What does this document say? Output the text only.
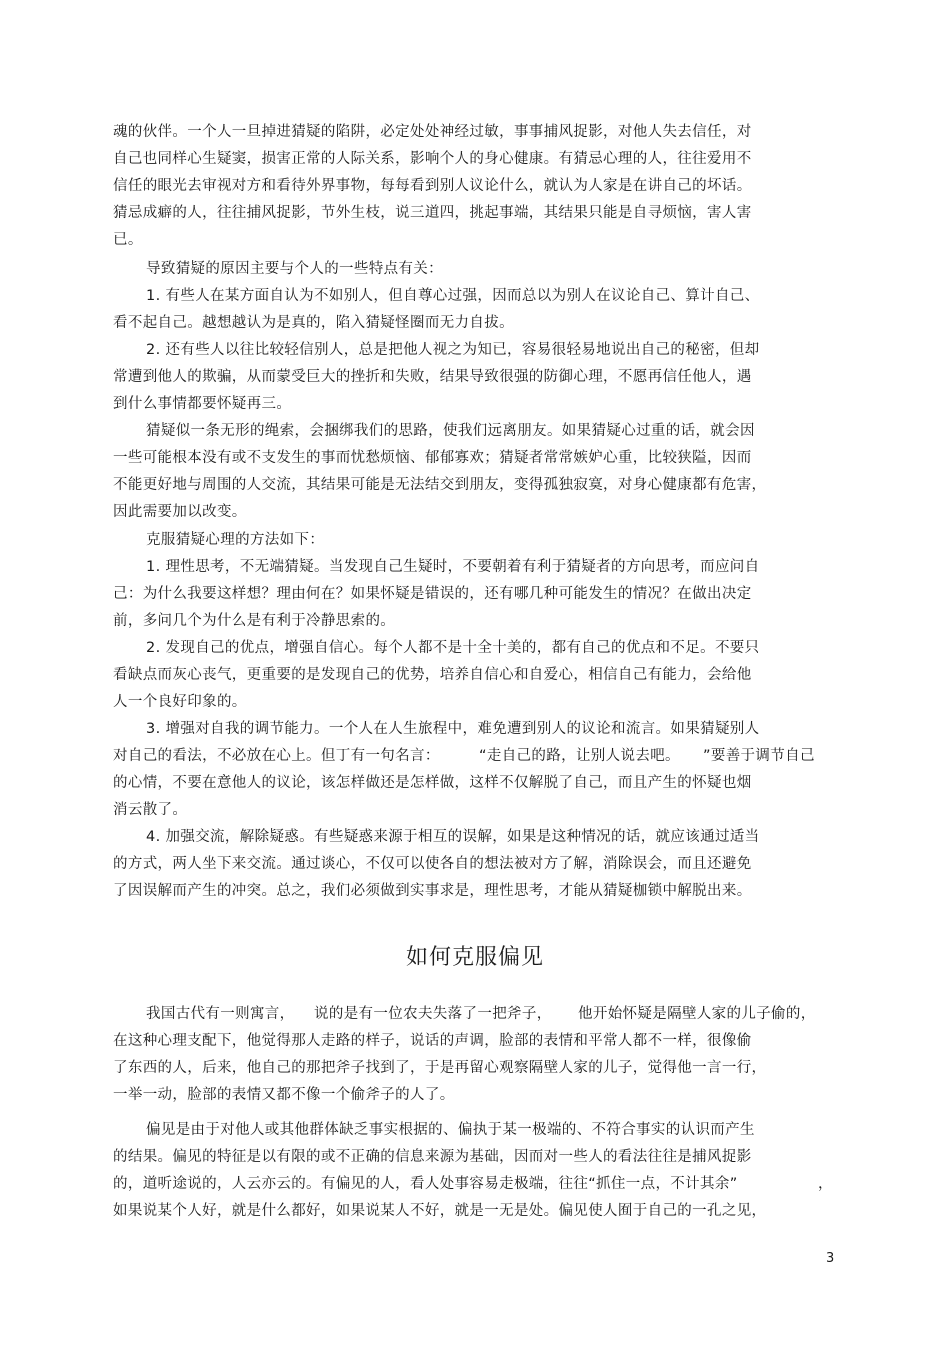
魂的伙伴。一个人一旦掉进猜疑的陷阱，必定处处神经过敏，事事捕风捉影，对他人失去信任，对
自己也同样心生疑窦，损害正常的人际关系，影响个人的身心健康。有猜忌心理的人，往往爱用不
信任的眼光去审视对方和看待外界事物，每每看到别人议论什么，就认为人家是在讲自己的坏话。
猜忌成癖的人，往往捕风捉影，节外生枝，说三道四，挑起事端，其结果只能是自寻烦恼，害人害
已。
导致猜疑的原因主要与个人的一些特点有关：
1. 有些人在某方面自认为不如别人，但自尊心过强，因而总以为别人在议论自己、算计自己、
看不起自己。越想越认为是真的，陷入猜疑怪圈而无力自拔。
2. 还有些人以往比较轻信别人，总是把他人视之为知已，容易很轻易地说出自己的秘密，但却
常遭到他人的欺骗，从而蒙受巨大的挫折和失败，结果导致很强的防御心理，不愿再信任他人，遇
到什么事情都要怀疑再三。
猜疑似一条无形的绳索，会捆绑我们的思路，使我们远离朋友。如果猜疑心过重的话，就会因
一些可能根本没有或不支发生的事而忧愁烦恼、郁郁寡欢；猜疑者常常嫉妒心重，比较狭隘，因而
不能更好地与周围的人交流，其结果可能是无法结交到朋友，变得孤独寂寞，对身心健康都有危害，
因此需要加以改变。
克服猜疑心理的方法如下：
1. 理性思考，不无端猜疑。当发现自己生疑时，不要朝着有利于猜疑者的方向思考，而应问自
己：为什么我要这样想？理由何在？如果怀疑是错误的，还有哪几种可能发生的情况？在做出决定
前，多问几个为什么是有利于冷静思索的。
2. 发现自己的优点，增强自信心。每个人都不是十全十美的，都有自己的优点和不足。不要只
看缺点而灰心丧气，更重要的是发现自己的优势，培养自信心和自爱心，相信自己有能力，会给他
人一个良好印象的。
3. 增强对自我的调节能力。一个人在人生旅程中，难免遭到别人的议论和流言。如果猜疑别人
对自己的看法，不必放在心上。但丁有一句名言：	“走自己的路，让别人说去吧。 ”要善于调节自己
的心情，不要在意他人的议论，该怎样做还是怎样做，这样不仅解脱了自己，而且产生的怀疑也烟
消云散了。
4. 加强交流，解除疑惑。有些疑惑来源于相互的误解，如果是这种情况的话，就应该通过适当
的方式，两人坐下来交流。通过谈心，不仅可以使各自的想法被对方了解，消除误会，而且还避免
了因误解而产生的冲突。总之，我们必须做到实事求是，理性思考，才能从猜疑枷锁中解脱出来。
如何克服偏见
我国古代有一则寓言， 说的是有一位农夫失落了一把斧子， 他开始怀疑是隔壁人家的儿子偷的，
在这种心理支配下，他觉得那人走路的样子，说话的声调，脸部的表情和平常人都不一样，很像偷
了东西的人，后来，他自己的那把斧子找到了，于是再留心观察隔壁人家的儿子，觉得他一言一行，
一举一动，脸部的表情又都不像一个偷斧子的人了。
偏见是由于对他人或其他群体缺乏事实根据的、偏执于某一极端的、不符合事实的认识而产生
的结果。偏见的特征是以有限的或不正确的信息来源为基础，因而对一些人的看法往往是捕风捉影
的，道听途说的，人云亦云的。有偏见的人，看人处事容易走极端，往往“抓住一点，不计其余”	，
如果说某个人好，就是什么都好，如果说某人不好，就是一无是处。偏见使人囿于自己的一孔之见，
3
